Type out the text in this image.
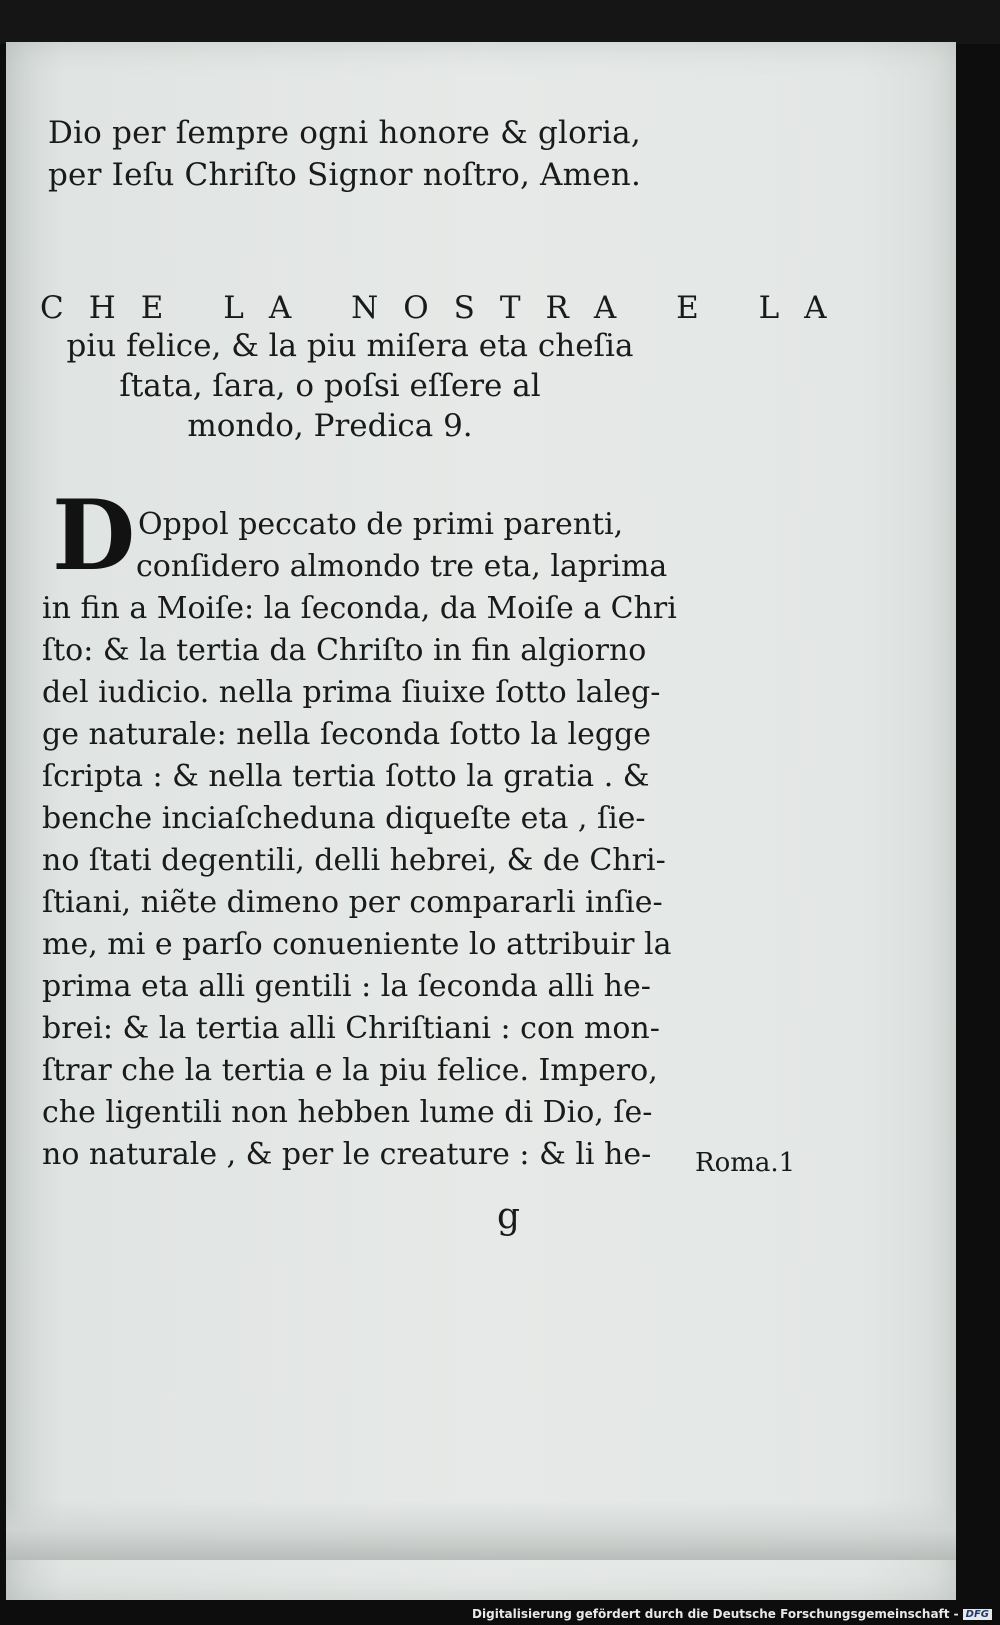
Dio per ſempre ogni honore & gloria,
per Ieſu Chriſto Signor noſtro, Amen.
CHE LA NOSTRA E LA
piu felice, & la piu miſera eta cheſia
ſtata, ſara, o poſsi eſſere al
mondo, Predica 9.
D Oppol peccato de primi parenti,
conſidero almondo tre eta, laprima
in fin a Moiſe: la ſeconda, da Moiſe a Chri
ſto: & la tertia da Chriſto in fin algiorno
del iudicio. nella prima ſiuixe ſotto laleg-
ge naturale: nella ſeconda ſotto la legge
ſcripta : & nella tertia ſotto la gratia . &
benche inciaſcheduna diqueſte eta , ſie-
no ſtati degentili, delli hebrei, & de Chri-
ſtiani, niẽte dimeno per compararli inſie-
me, mi e parſo conueniente lo attribuir la
prima eta alli gentili : la ſeconda alli he-
brei: & la tertia alli Chriſtiani : con mon-
ſtrar che la tertia e la piu felice. Impero,
che ligentili non hebben lume di Dio, ſe-
no naturale , & per le creature : & li he- Roma.1
g
Digitalisierung gefördert durch die Deutsche Forschungsgemeinschaft - DFG
